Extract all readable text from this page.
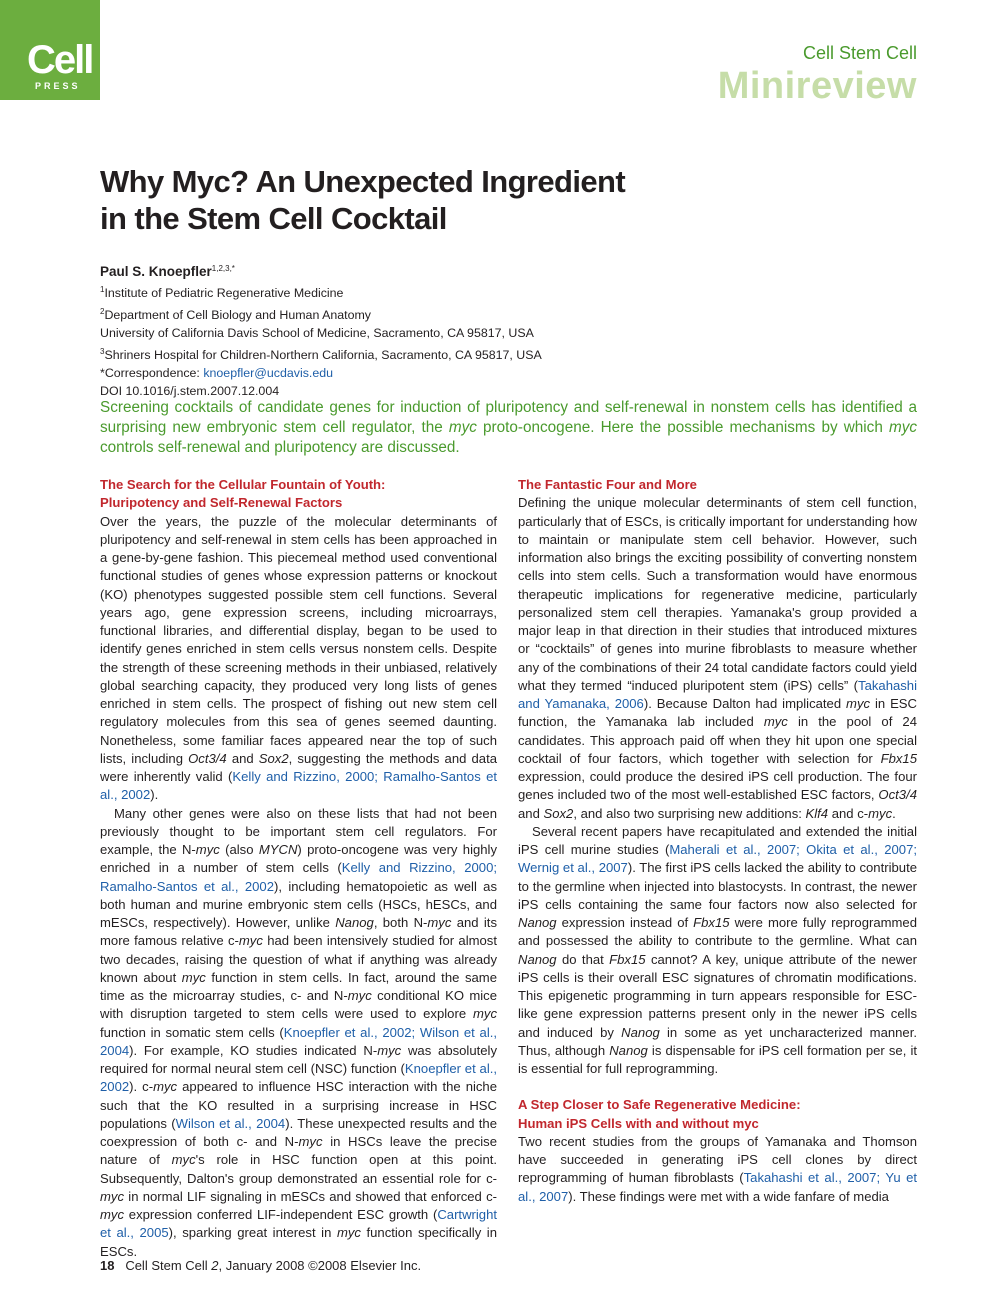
Cell
PRESS
Cell Stem Cell
Minireview
Why Myc? An Unexpected Ingredient
in the Stem Cell Cocktail
Paul S. Knoepfler$^{1,2,3,*}$
$^1$Institute of Pediatric Regenerative Medicine
$^2$Department of Cell Biology and Human Anatomy
University of California Davis School of Medicine, Sacramento, CA 95817, USA
$^3$Shriners Hospital for Children-Northern California, Sacramento, CA 95817, USA
*Correspondence: knoepfler@ucdavis.edu
DOI 10.1016/j.stem.2007.12.004
Screening cocktails of candidate genes for induction of pluripotency and self-renewal in nonstem cells has identified a surprising new embryonic stem cell regulator, the myc proto-oncogene. Here the possible mechanisms by which myc controls self-renewal and pluripotency are discussed.
The Search for the Cellular Fountain of Youth:
Pluripotency and Self-Renewal Factors

Over the years, the puzzle of the molecular determinants of pluripotency and self-renewal in stem cells has been approached in a gene-by-gene fashion. This piecemeal method used conventional functional studies of genes whose expression patterns or knockout (KO) phenotypes suggested possible stem cell functions. Several years ago, gene expression screens, including microarrays, functional libraries, and differential display, began to be used to identify genes enriched in stem cells versus nonstem cells. Despite the strength of these screening methods in their unbiased, relatively global searching capacity, they produced very long lists of genes enriched in stem cells. The prospect of fishing out new stem cell regulatory molecules from this sea of genes seemed daunting. Nonetheless, some familiar faces appeared near the top of such lists, including Oct3/4 and Sox2, suggesting the methods and data were inherently valid (Kelly and Rizzino, 2000; Ramalho-Santos et al., 2002).

Many other genes were also on these lists that had not been previously thought to be important stem cell regulators. For example, the N-myc (also MYCN) proto-oncogene was very highly enriched in a number of stem cells (Kelly and Rizzino, 2000; Ramalho-Santos et al., 2002), including hematopoietic as well as both human and murine embryonic stem cells (HSCs, hESCs, and mESCs, respectively). However, unlike Nanog, both N-myc and its more famous relative c-myc had been intensively studied for almost two decades, raising the question of what if anything was already known about myc function in stem cells. In fact, around the same time as the microarray studies, c- and N-myc conditional KO mice with disruption targeted to stem cells were used to explore myc function in somatic stem cells (Knoepfler et al., 2002; Wilson et al., 2004). For example, KO studies indicated N-myc was absolutely required for normal neural stem cell (NSC) function (Knoepfler et al., 2002). c-myc appeared to influence HSC interaction with the niche such that the KO resulted in a surprising increase in HSC populations (Wilson et al., 2004). These unexpected results and the coexpression of both c- and N-myc in HSCs leave the precise nature of myc's role in HSC function open at this point. Subsequently, Dalton's group demonstrated an essential role for c-myc in normal LIF signaling in mESCs and showed that enforced c-myc expression conferred LIF-independent ESC growth (Cartwright et al., 2005), sparking great interest in myc function specifically in ESCs.

The Fantastic Four and More

Defining the unique molecular determinants of stem cell function, particularly that of ESCs, is critically important for understanding how to maintain or manipulate stem cell behavior. However, such information also brings the exciting possibility of converting nonstem cells into stem cells. Such a transformation would have enormous therapeutic implications for regenerative medicine, particularly personalized stem cell therapies. Yamanaka's group provided a major leap in that direction in their studies that introduced mixtures or “cocktails” of genes into murine fibroblasts to measure whether any of the combinations of their 24 total candidate factors could yield what they termed “induced pluripotent stem (iPS) cells” (Takahashi and Yamanaka, 2006). Because Dalton had implicated myc in ESC function, the Yamanaka lab included myc in the pool of 24 candidates. This approach paid off when they hit upon one special cocktail of four factors, which together with selection for Fbx15 expression, could produce the desired iPS cell production. The four genes included two of the most well-established ESC factors, Oct3/4 and Sox2, and also two surprising new additions: Klf4 and c-myc.

Several recent papers have recapitulated and extended the initial iPS cell murine studies (Maherali et al., 2007; Okita et al., 2007; Wernig et al., 2007). The first iPS cells lacked the ability to contribute to the germline when injected into blastocysts. In contrast, the newer iPS cells containing the same four factors now also selected for Nanog expression instead of Fbx15 were more fully reprogrammed and possessed the ability to contribute to the germline. What can Nanog do that Fbx15 cannot? A key, unique attribute of the newer iPS cells is their overall ESC signatures of chromatin modifications. This epigenetic programming in turn appears responsible for ESC-like gene expression patterns present only in the newer iPS cells and induced by Nanog in some as yet uncharacterized manner. Thus, although Nanog is dispensable for iPS cell formation per se, it is essential for full reprogramming.

A Step Closer to Safe Regenerative Medicine:
Human iPS Cells with and without myc

Two recent studies from the groups of Yamanaka and Thomson have succeeded in generating iPS cell clones by direct reprogramming of human fibroblasts (Takahashi et al., 2007; Yu et al., 2007). These findings were met with a wide fanfare of media

18 Cell Stem Cell 2, January 2008 ©2008 Elsevier Inc.
